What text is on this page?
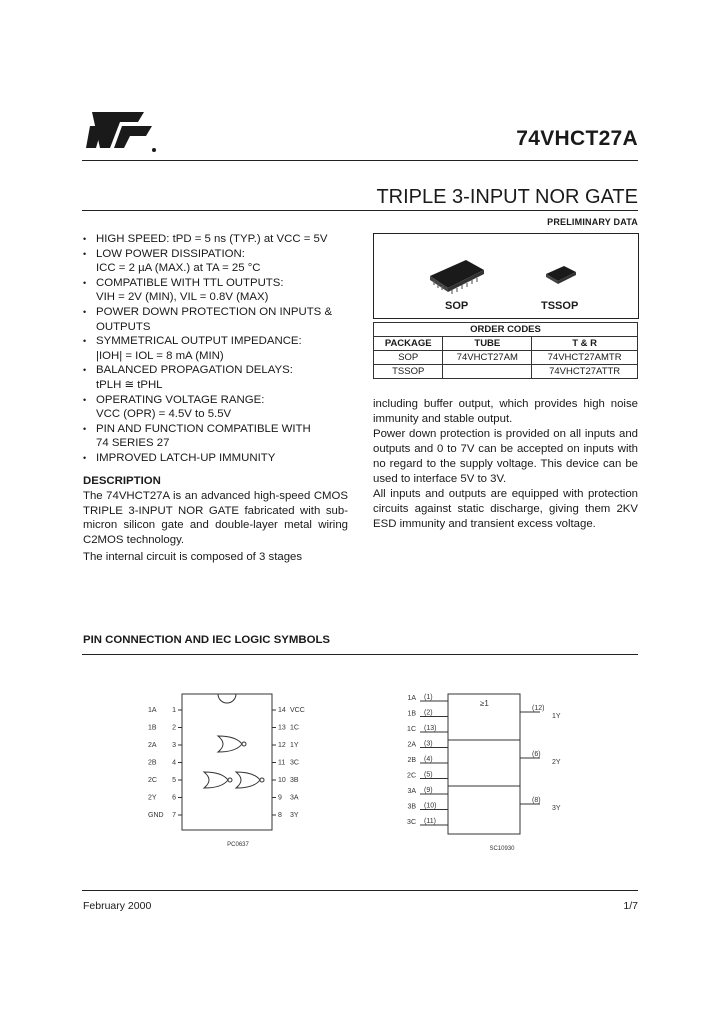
74VHCT27A
TRIPLE 3-INPUT NOR GATE
PRELIMINARY DATA
• HIGH SPEED: tPD = 5 ns (TYP.) at VCC = 5V
• LOW POWER DISSIPATION:
ICC = 2 µA (MAX.) at TA = 25 °C
• COMPATIBLE WITH TTL OUTPUTS:
VIH = 2V (MIN), VIL = 0.8V (MAX)
• POWER DOWN PROTECTION ON INPUTS &
OUTPUTS
• SYMMETRICAL OUTPUT IMPEDANCE:
|IOH| = IOL = 8 mA (MIN)
• BALANCED PROPAGATION DELAYS:
tPLH ≅ tPHL
• OPERATING VOLTAGE RANGE:
VCC (OPR) = 4.5V to 5.5V
• PIN AND FUNCTION COMPATIBLE WITH
74 SERIES 27
• IMPROVED LATCH-UP IMMUNITY
SOP	TSSOP
ORDER CODES		
PACKAGE	TUBE	T & R
SOP	74VHCT27AM	74VHCT27AMTR
TSSOP		74VHCT27ATTR
DESCRIPTION

The 74VHCT27A is an advanced high-speed CMOS TRIPLE 3-INPUT NOR GATE fabricated with sub-micron silicon gate and double-layer metal wiring C2MOS technology.

The internal circuit is composed of 3 stages

including buffer output, which provides high noise immunity and stable output.

Power down protection is provided on all inputs and outputs and 0 to 7V can be accepted on inputs with no regard to the supply voltage. This device can be used to interface 5V to 3V.

All inputs and outputs are equipped with protection circuits against static discharge, giving them 2KV ESD immunity and transient excess voltage.

PIN CONNECTION AND IEC LOGIC SYMBOLS
1A 1
1B 2
2A 3
2B 4
2C 5
2Y 6
GND 7
VCC
14
1C
13
1Y
12
3C
11
3B
10
3A
9
3Y
8
PC0637
≥1
1A (1)
1B (2)
1C (13)
2A (3)
2B (4)
2C (5)
3A (9)
3B (10)
3C (11)
(12)
1Y
(6)
2Y
(8)
3Y
SC10930
February 2000	1/7
